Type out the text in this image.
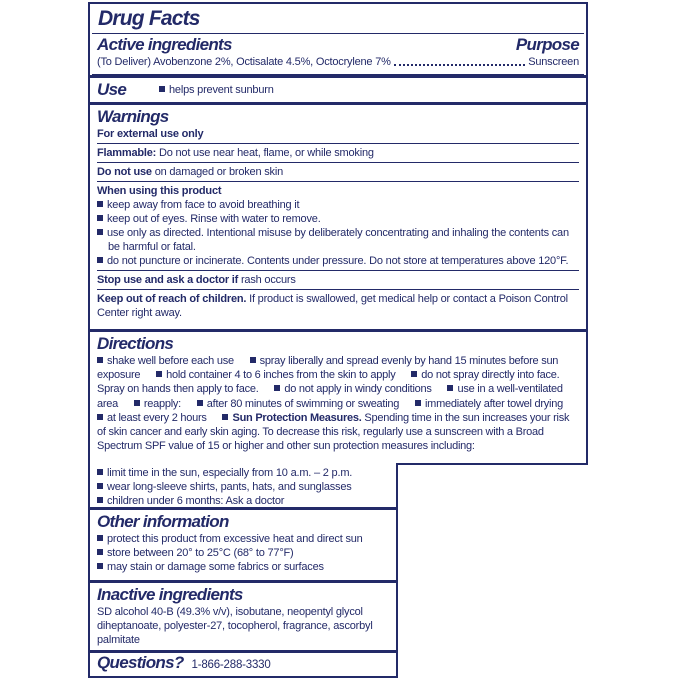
Drug Facts
Active ingredients	Purpose
(To Deliver) Avobenzone 2%, Octisalate 4.5%, Octocrylene 7%	Sunscreen
Use	helps prevent sunburn
Warnings
For external use only
Flammable: Do not use near heat, flame, or while smoking
Do not use on damaged or broken skin
When using this product
keep away from face to avoid breathing it
keep out of eyes. Rinse with water to remove.
use only as directed. Intentional misuse by deliberately concentrating and inhaling the contents can be harmful or fatal.
do not puncture or incinerate. Contents under pressure. Do not store at temperatures above 120°F.
Stop use and ask a doctor if rash occurs
Keep out of reach of children. If product is swallowed, get medical help or contact a Poison Control Center right away.
Directions
shake well before each use spray liberally and spread evenly by hand 15 minutes before sun exposure hold container 4 to 6 inches from the skin to apply do not spray directly into face. Spray on hands then apply to face. do not apply in windy conditions use in a well-ventilated area reapply: after 80 minutes of swimming or sweating immediately after towel drying at least every 2 hours Sun Protection Measures. Spending time in the sun increases your risk of skin cancer and early skin aging. To decrease this risk, regularly use a sunscreen with a Broad Spectrum SPF value of 15 or higher and other sun protection measures including:
limit time in the sun, especially from 10 a.m. – 2 p.m.
wear long-sleeve shirts, pants, hats, and sunglasses
children under 6 months: Ask a doctor
Other information
protect this product from excessive heat and direct sun
store between 20° to 25°C (68° to 77°F)
may stain or damage some fabrics or surfaces
Inactive ingredients
SD alcohol 40-B (49.3% v/v), isobutane, neopentyl glycol diheptanoate, polyester-27, tocopherol, fragrance, ascorbyl palmitate
Questions? 1-866-288-3330
